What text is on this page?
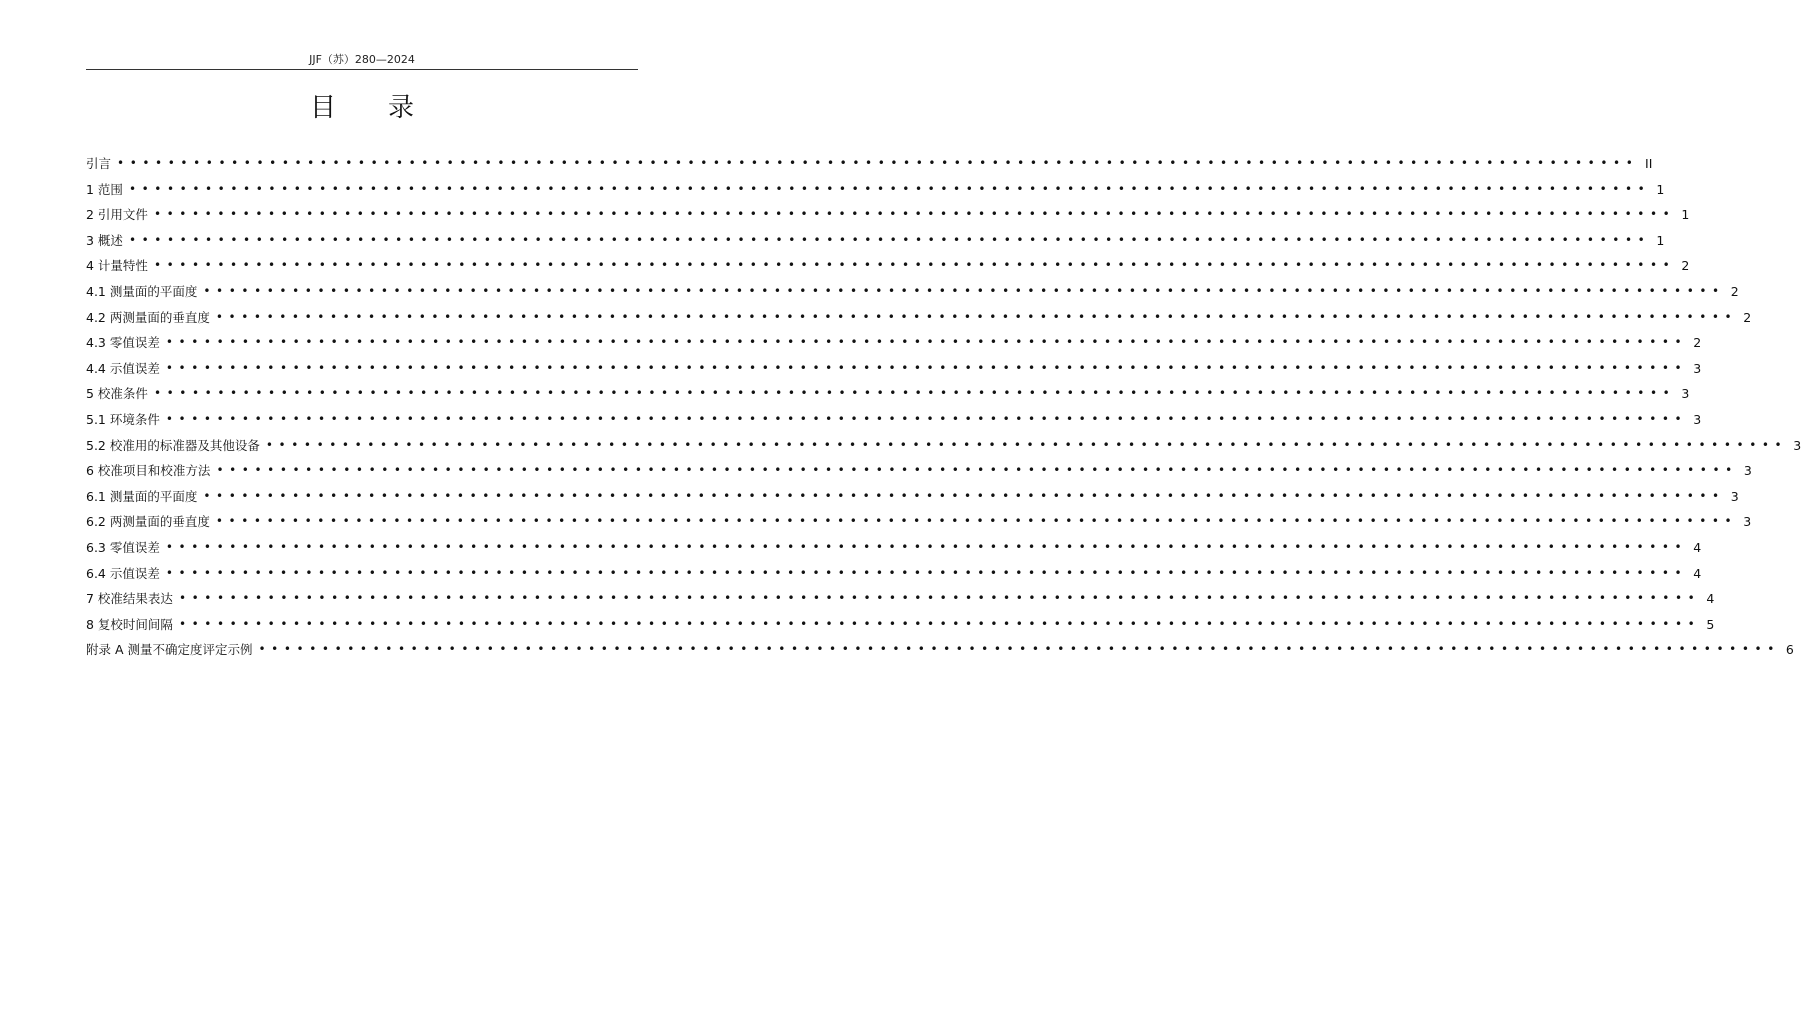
JJF（苏）280—2024
目录
引言 •••••••••••••••••••••••••••••••••••••••••••••••••••••••••••••••••••••••••••••••••••••••••••••••••••••••••••••••••••••••• II
1 范围 •••••••••••••••••••••••••••••••••••••••••••••••••••••••••••••••••••••••••••••••••••••••••••••••••••••••••••••••••••••••• 1
2 引用文件 •••••••••••••••••••••••••••••••••••••••••••••••••••••••••••••••••••••••••••••••••••••••••••••••••••••••••••••••••••••••• 1
3 概述 •••••••••••••••••••••••••••••••••••••••••••••••••••••••••••••••••••••••••••••••••••••••••••••••••••••••••••••••••••••••• 1
4 计量特性 •••••••••••••••••••••••••••••••••••••••••••••••••••••••••••••••••••••••••••••••••••••••••••••••••••••••••••••••••••••••• 2
4.1 测量面的平面度 •••••••••••••••••••••••••••••••••••••••••••••••••••••••••••••••••••••••••••••••••••••••••••••••••••••••••••••••••••••••• 2
4.2 两测量面的垂直度 •••••••••••••••••••••••••••••••••••••••••••••••••••••••••••••••••••••••••••••••••••••••••••••••••••••••••••••••••••••••• 2
4.3 零值误差 •••••••••••••••••••••••••••••••••••••••••••••••••••••••••••••••••••••••••••••••••••••••••••••••••••••••••••••••••••••••• 2
4.4 示值误差 •••••••••••••••••••••••••••••••••••••••••••••••••••••••••••••••••••••••••••••••••••••••••••••••••••••••••••••••••••••••• 3
5 校准条件 •••••••••••••••••••••••••••••••••••••••••••••••••••••••••••••••••••••••••••••••••••••••••••••••••••••••••••••••••••••••• 3
5.1 环境条件 •••••••••••••••••••••••••••••••••••••••••••••••••••••••••••••••••••••••••••••••••••••••••••••••••••••••••••••••••••••••• 3
5.2 校准用的标准器及其他设备 •••••••••••••••••••••••••••••••••••••••••••••••••••••••••••••••••••••••••••••••••••••••••••••••••••••••••••••••••••••••• 3
6 校准项目和校准方法 •••••••••••••••••••••••••••••••••••••••••••••••••••••••••••••••••••••••••••••••••••••••••••••••••••••••••••••••••••••••• 3
6.1 测量面的平面度 •••••••••••••••••••••••••••••••••••••••••••••••••••••••••••••••••••••••••••••••••••••••••••••••••••••••••••••••••••••••• 3
6.2 两测量面的垂直度 •••••••••••••••••••••••••••••••••••••••••••••••••••••••••••••••••••••••••••••••••••••••••••••••••••••••••••••••••••••••• 3
6.3 零值误差 •••••••••••••••••••••••••••••••••••••••••••••••••••••••••••••••••••••••••••••••••••••••••••••••••••••••••••••••••••••••• 4
6.4 示值误差 •••••••••••••••••••••••••••••••••••••••••••••••••••••••••••••••••••••••••••••••••••••••••••••••••••••••••••••••••••••••• 4
7 校准结果表达 •••••••••••••••••••••••••••••••••••••••••••••••••••••••••••••••••••••••••••••••••••••••••••••••••••••••••••••••••••••••• 4
8 复校时间间隔 •••••••••••••••••••••••••••••••••••••••••••••••••••••••••••••••••••••••••••••••••••••••••••••••••••••••••••••••••••••••• 5
附录 A 测量不确定度评定示例 •••••••••••••••••••••••••••••••••••••••••••••••••••••••••••••••••••••••••••••••••••••••••••••••••••••••••••••••••••••••• 6
